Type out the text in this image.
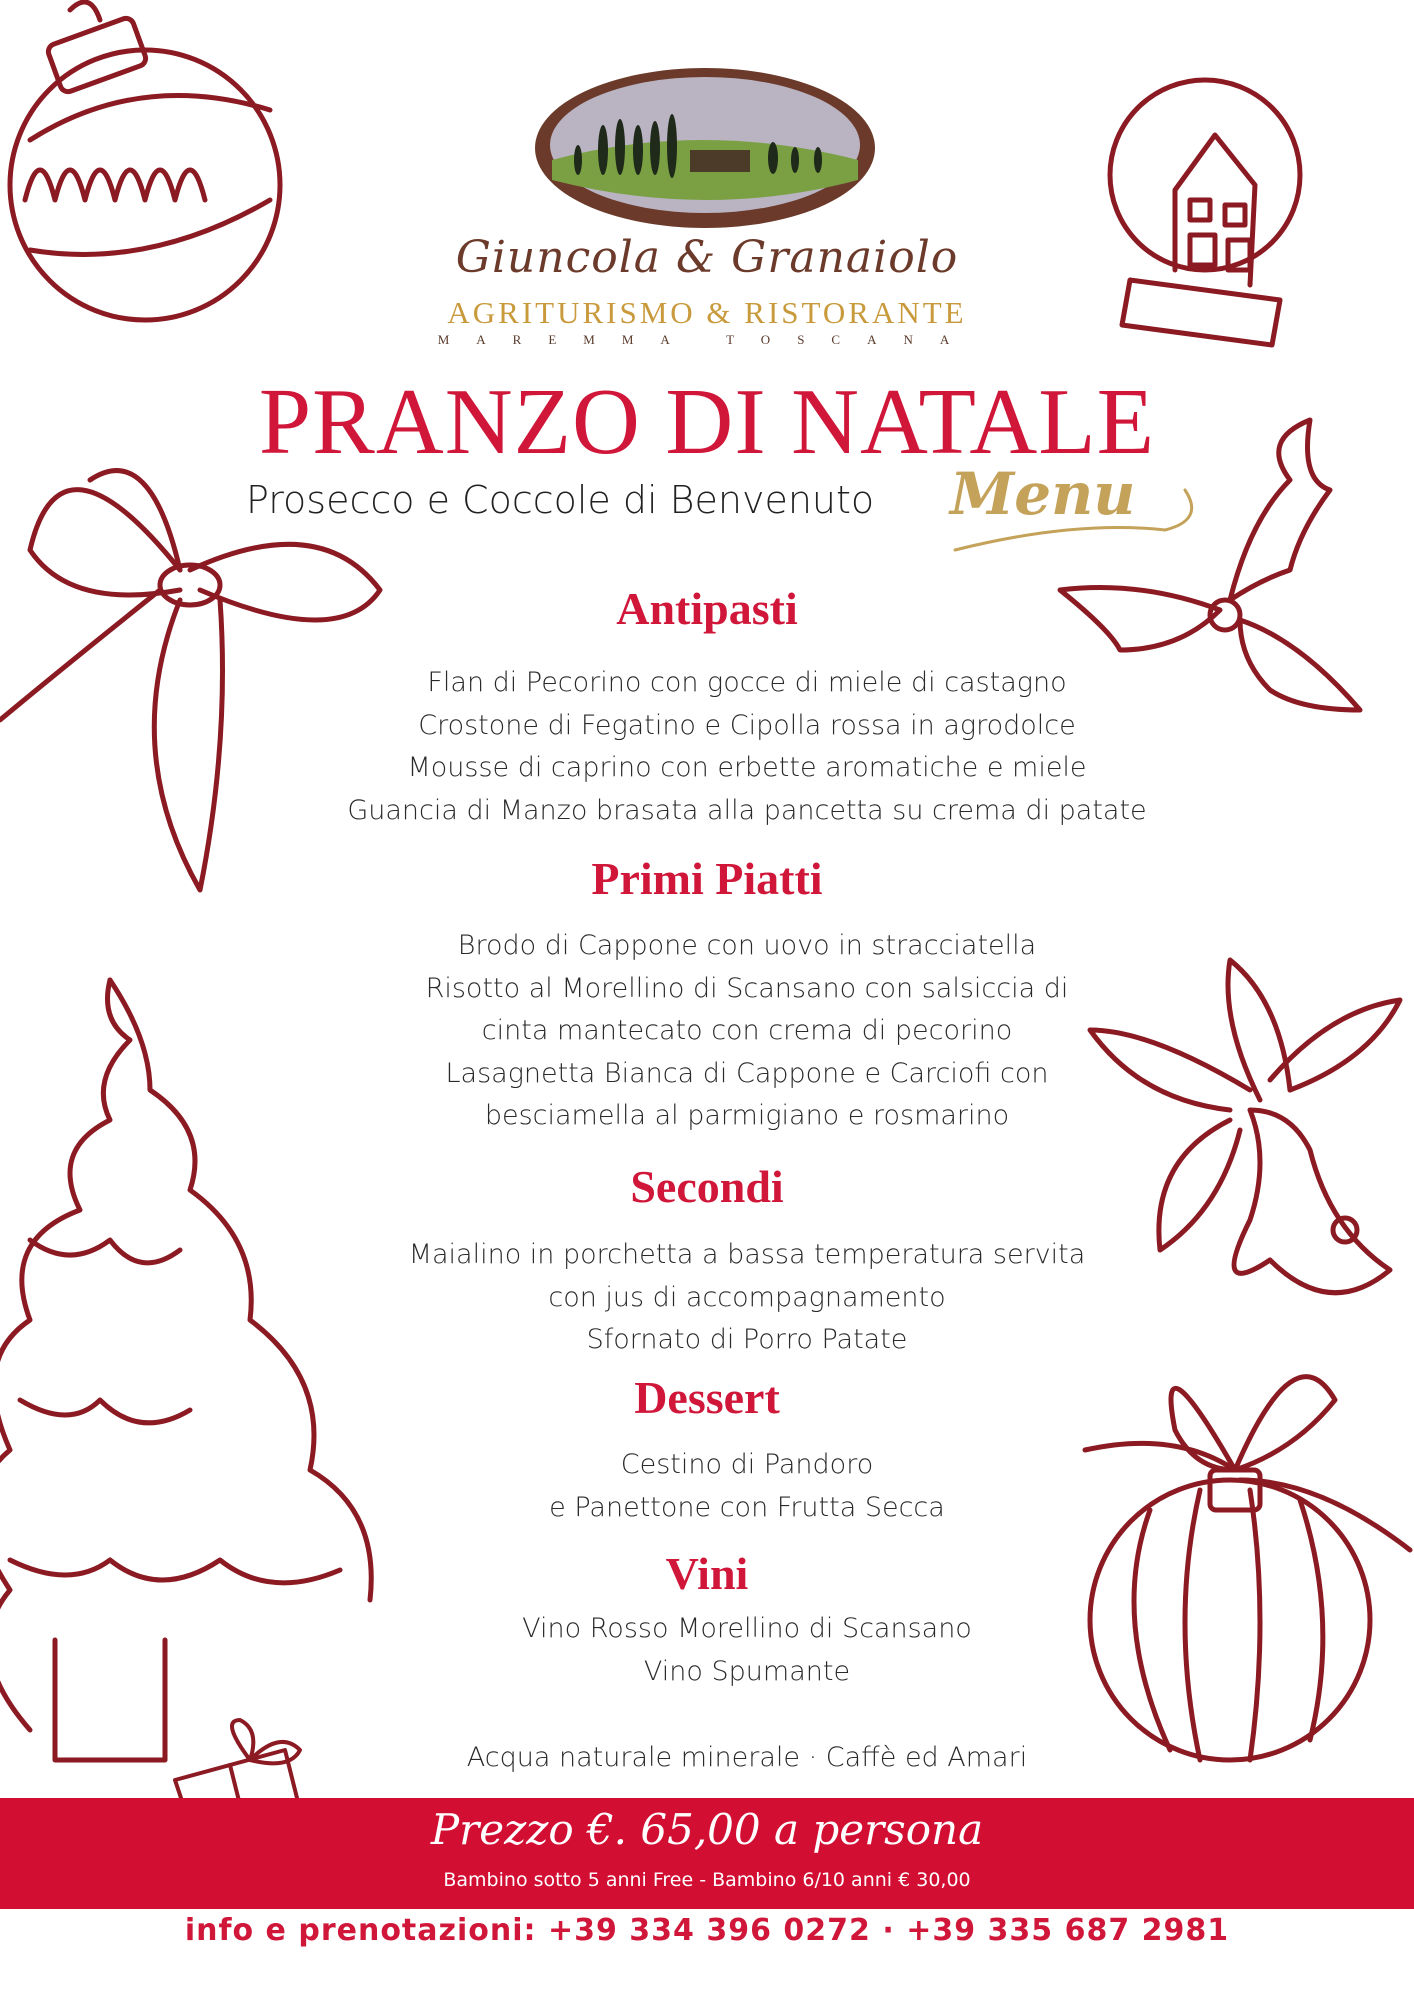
Giuncola & Granaiolo
AGRITURISMO & RISTORANTE
MAREMMA TOSCANA
PRANZO DI NATALE
Prosecco e Coccole di Benvenuto Menu
Antipasti
Flan di Pecorino con gocce di miele di castagno
Crostone di Fegatino e Cipolla rossa in agrodolce
Mousse di caprino con erbette aromatiche e miele
Guancia di Manzo brasata alla pancetta su crema di patate
Primi Piatti
Brodo di Cappone con uovo in stracciatella
Risotto al Morellino di Scansano con salsiccia di
cinta mantecato con crema di pecorino
Lasagnetta Bianca di Cappone e Carciofi con
besciamella al parmigiano e rosmarino
Secondi
Maialino in porchetta a bassa temperatura servita
con jus di accompagnamento
Sfornato di Porro Patate
Dessert
Cestino di Pandoro
e Panettone con Frutta Secca
Vini
Vino Rosso Morellino di Scansano
Vino Spumante
Acqua naturale minerale · Caffè ed Amari
Prezzo €. 65,00 a persona
Bambino sotto 5 anni Free - Bambino 6/10 anni € 30,00
info e prenotazioni: +39 334 396 0272 · +39 335 687 2981
